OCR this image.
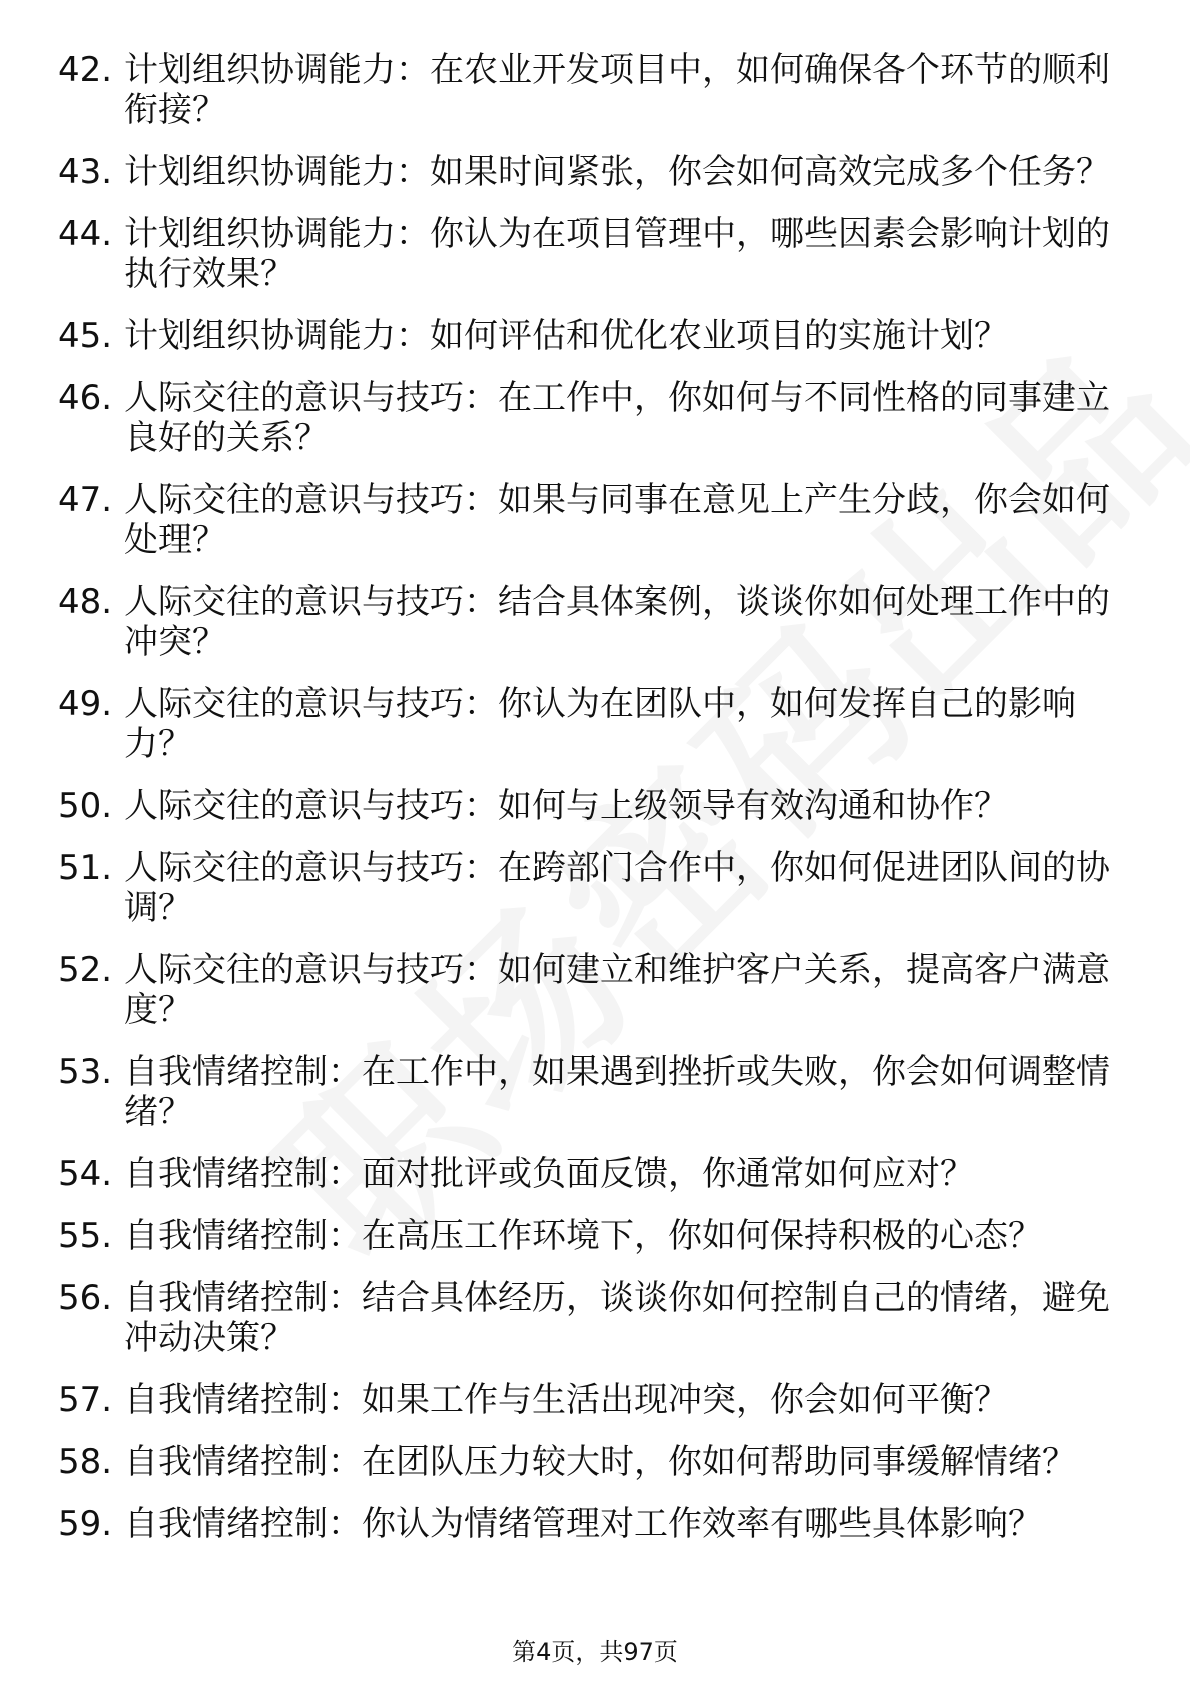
42. 计划组织协调能力：在农业开发项目中，如何确保各个环节的顺利衔接？
43. 计划组织协调能力：如果时间紧张，你会如何高效完成多个任务？
44. 计划组织协调能力：你认为在项目管理中，哪些因素会影响计划的执行效果？
45. 计划组织协调能力：如何评估和优化农业项目的实施计划？
46. 人际交往的意识与技巧：在工作中，你如何与不同性格的同事建立良好的关系？
47. 人际交往的意识与技巧：如果与同事在意见上产生分歧，你会如何处理？
48. 人际交往的意识与技巧：结合具体案例，谈谈你如何处理工作中的冲突？
49. 人际交往的意识与技巧：你认为在团队中，如何发挥自己的影响力？
50. 人际交往的意识与技巧：如何与上级领导有效沟通和协作？
51. 人际交往的意识与技巧：在跨部门合作中，你如何促进团队间的协调？
52. 人际交往的意识与技巧：如何建立和维护客户关系，提高客户满意度？
53. 自我情绪控制：在工作中，如果遇到挫折或失败，你会如何调整情绪？
54. 自我情绪控制：面对批评或负面反馈，你通常如何应对？
55. 自我情绪控制：在高压工作环境下，你如何保持积极的心态？
56. 自我情绪控制：结合具体经历，谈谈你如何控制自己的情绪，避免冲动决策？
57. 自我情绪控制：如果工作与生活出现冲突，你会如何平衡？
58. 自我情绪控制：在团队压力较大时，你如何帮助同事缓解情绪？
59. 自我情绪控制：你认为情绪管理对工作效率有哪些具体影响？
第4页，共97页
